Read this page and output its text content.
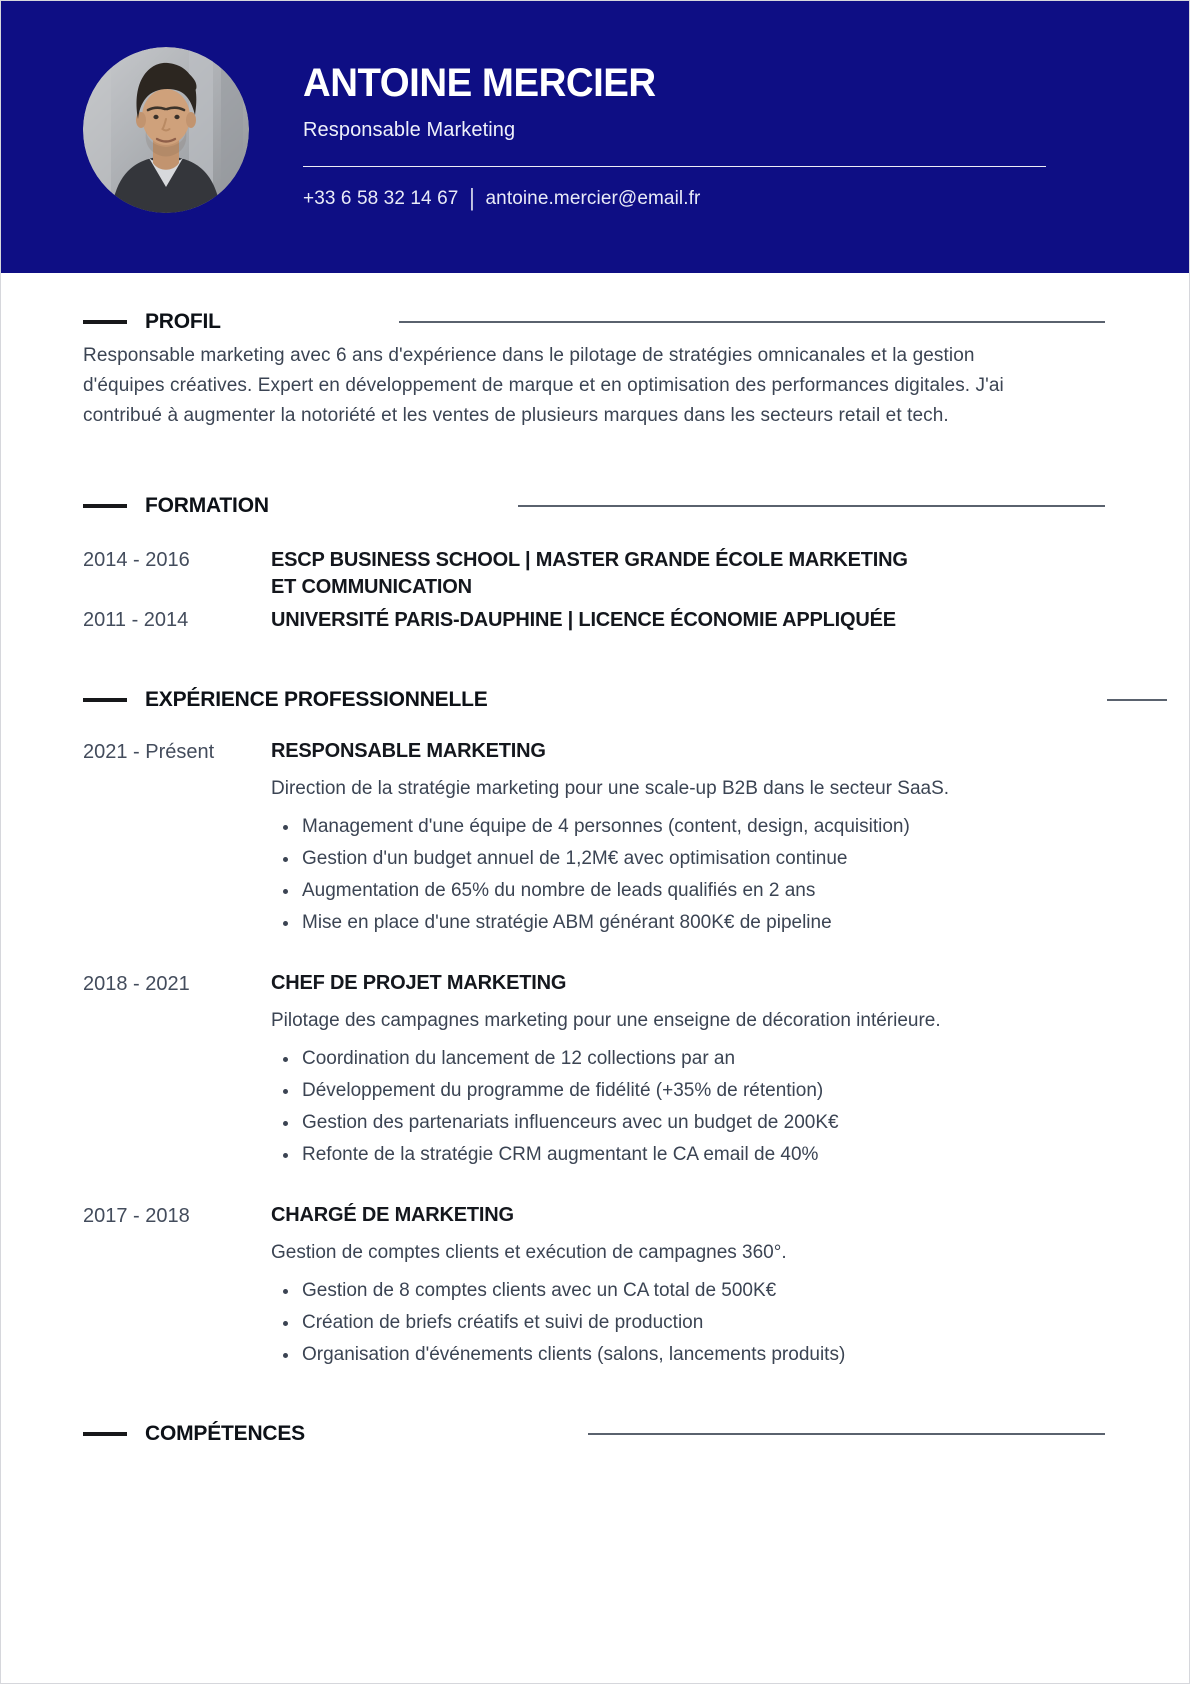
ANTOINE MERCIER
Responsable Marketing
+33 6 58 32 14 67 | antoine.mercier@email.fr
PROFIL

Responsable marketing avec 6 ans d'expérience dans le pilotage de stratégies omnicanales et la gestion d'équipes créatives. Expert en développement de marque et en optimisation des performances digitales. J'ai contribué à augmenter la notoriété et les ventes de plusieurs marques dans les secteurs retail et tech.

FORMATION
2014 - 2016	ESCP BUSINESS SCHOOL | MASTER GRANDE ÉCOLE MARKETING ET COMMUNICATION
2011 - 2014	UNIVERSITÉ PARIS-DAUPHINE | LICENCE ÉCONOMIE APPLIQUÉE
EXPÉRIENCE PROFESSIONNELLE
2021 - Présent	RESPONSABLE MARKETING

Direction de la stratégie marketing pour une scale-up B2B dans le secteur SaaS.

Management d'une équipe de 4 personnes (content, design, acquisition)
Gestion d'un budget annuel de 1,2M€ avec optimisation continue
Augmentation de 65% du nombre de leads qualifiés en 2 ans
Mise en place d'une stratégie ABM générant 800K€ de pipeline
2018 - 2021	CHEF DE PROJET MARKETING

Pilotage des campagnes marketing pour une enseigne de décoration intérieure.

Coordination du lancement de 12 collections par an
Développement du programme de fidélité (+35% de rétention)
Gestion des partenariats influenceurs avec un budget de 200K€
Refonte de la stratégie CRM augmentant le CA email de 40%
2017 - 2018	CHARGÉ DE MARKETING

Gestion de comptes clients et exécution de campagnes 360°.

Gestion de 8 comptes clients avec un CA total de 500K€
Création de briefs créatifs et suivi de production
Organisation d'événements clients (salons, lancements produits)
COMPÉTENCES
